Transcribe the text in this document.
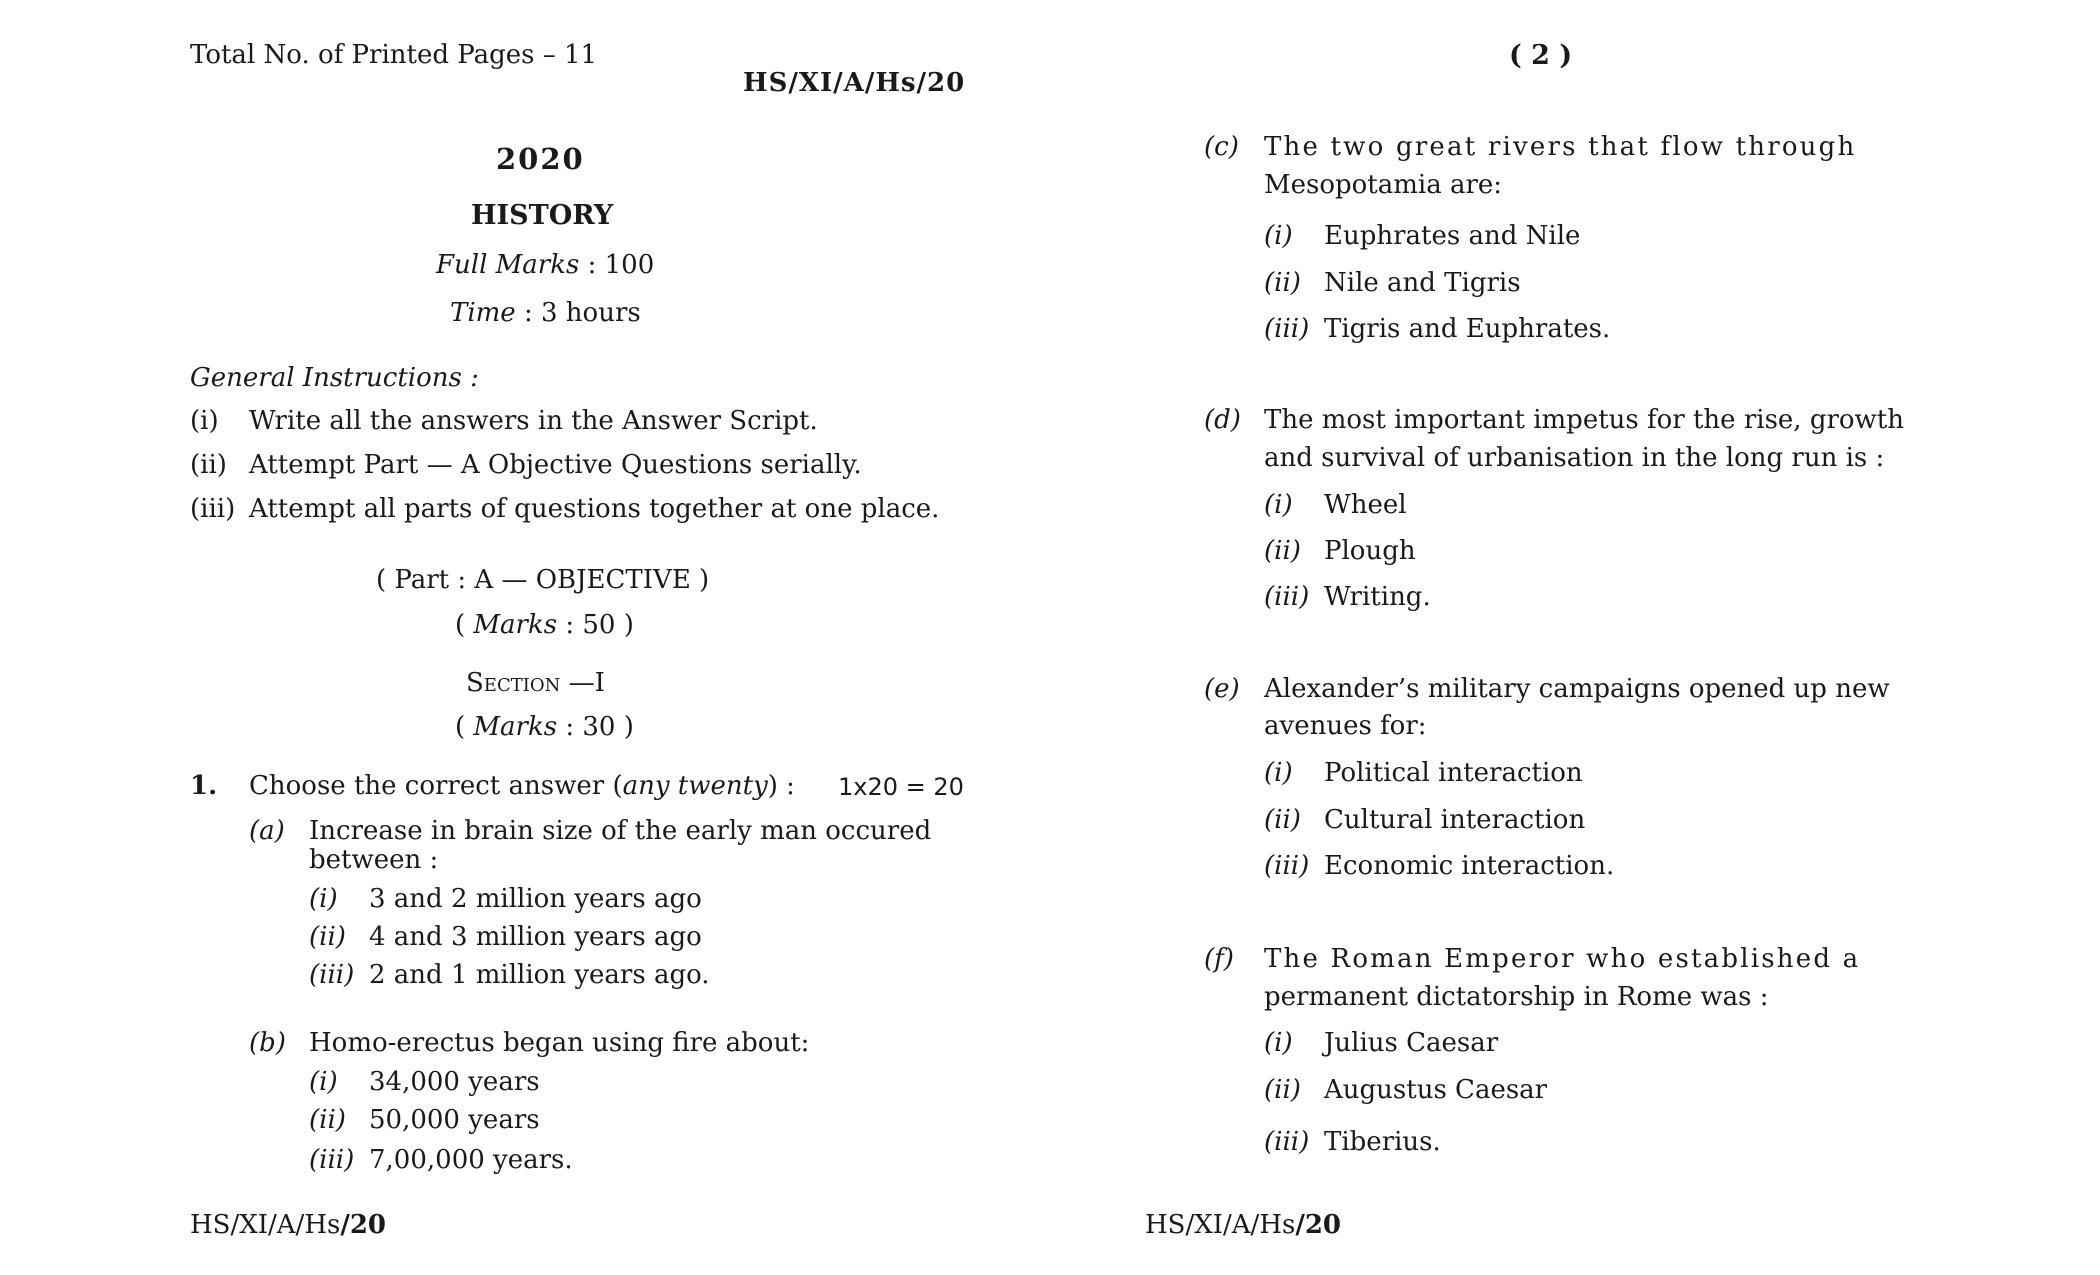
Total No. of Printed Pages – 11
HS/XI/A/Hs/20
2020
HISTORY
Full Marks : 100
Time : 3 hours
General Instructions :
(i) Write all the answers in the Answer Script.
(ii) Attempt Part — A Objective Questions serially.
(iii) Attempt all parts of questions together at one place.
( Part : A — OBJECTIVE )
( Marks : 50 )
Section —I
( Marks : 30 )
1. Choose the correct answer (any twenty) : 1x20 = 20
(a) Increase in brain size of the early man occured
between :
(i) 3 and 2 million years ago
(ii) 4 and 3 million years ago
(iii) 2 and 1 million years ago.
(b) Homo-erectus began using fire about:
(i) 34,000 years
(ii) 50,000 years
(iii) 7,00,000 years.
HS/XI/A/Hs/20
( 2 )
(c) The two great rivers that flow through
Mesopotamia are:
(i) Euphrates and Nile
(ii) Nile and Tigris
(iii) Tigris and Euphrates.
(d) The most important impetus for the rise, growth
and survival of urbanisation in the long run is :
(i) Wheel
(ii) Plough
(iii) Writing.
(e) Alexander’s military campaigns opened up new
avenues for:
(i) Political interaction
(ii) Cultural interaction
(iii) Economic interaction.
(f) The Roman Emperor who established a
permanent dictatorship in Rome was :
(i) Julius Caesar
(ii) Augustus Caesar
(iii) Tiberius.
HS/XI/A/Hs/20
